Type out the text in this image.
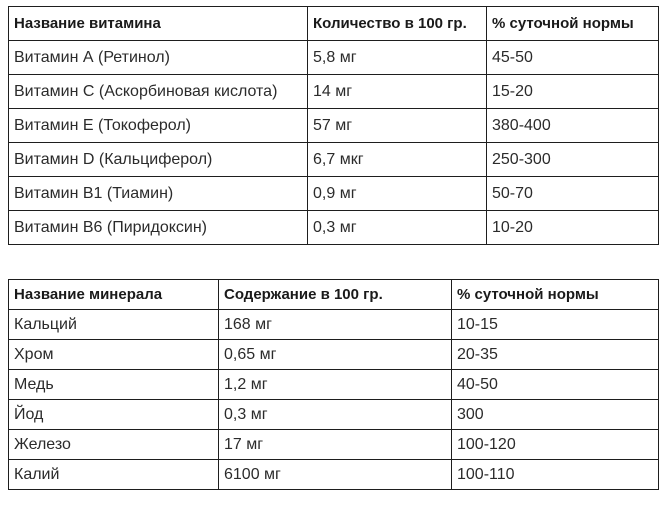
Название витамина	Количество в 100 гр.	% суточной нормы
Витамин А (Ретинол)	5,8 мг	45-50
Витамин С (Аскорбиновая кислота)	14 мг	15-20
Витамин Е (Токоферол)	57 мг	380-400
Витамин D (Кальциферол)	6,7 мкг	250-300
Витамин В1 (Тиамин)	0,9 мг	50-70
Витамин В6 (Пиридоксин)	0,3 мг	10-20
Название минерала	Содержание в 100 гр.	% суточной нормы
Кальций	168 мг	10-15
Хром	0,65 мг	20-35
Медь	1,2 мг	40-50
Йод	0,3 мг	300
Железо	17 мг	100-120
Калий	6100 мг	100-110
